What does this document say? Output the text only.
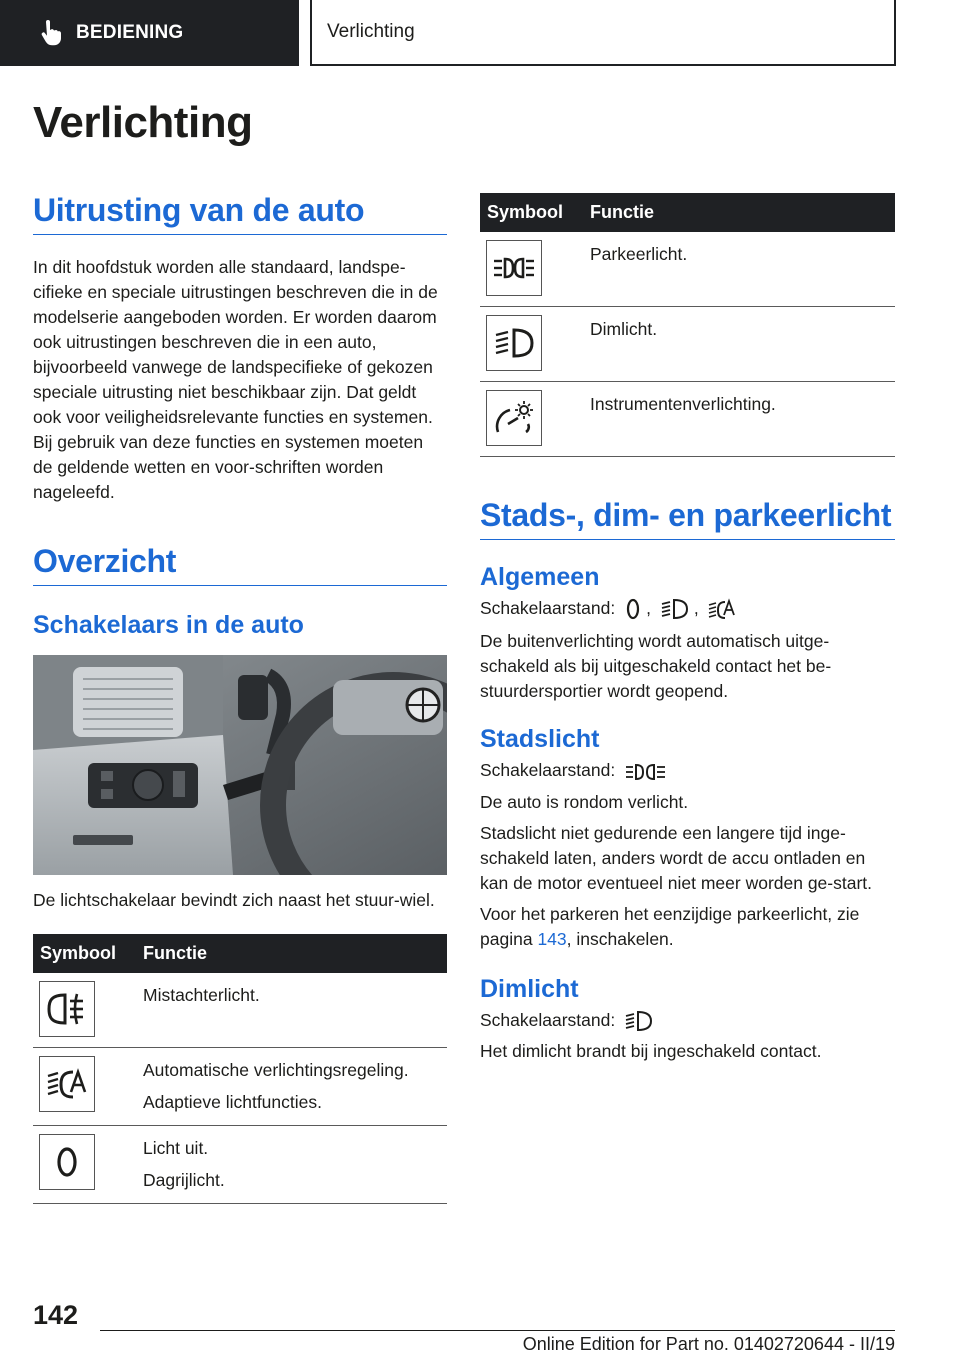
BEDIENING	Verlichting
Verlichting
Uitrusting van de auto

In dit hoofdstuk worden alle standaard, landspe-cifieke en speciale uitrustingen beschreven die in de modelserie aangeboden worden. Er worden daarom ook uitrustingen beschreven die in een auto, bijvoorbeeld vanwege de landspecifieke of gekozen speciale uitrusting niet beschikbaar zijn. Dat geldt ook voor veiligheidsrelevante functies en systemen. Bij gebruik van deze functies en systemen moeten de geldende wetten en voor-schriften worden nageleefd.

Overzicht
Schakelaars in de auto

De lichtschakelaar bevindt zich naast het stuur-wiel.

Symbool	Functie

Mistachterlicht.

Automatische verlichtingsregeling.
Adaptieve lichtfuncties.

Licht uit.
Dagrijlicht.
Symbool	Functie

Parkeerlicht.

Dimlicht.

Instrumentenverlichting.
Stads-, dim- en parkeerlicht
Algemeen

Schakelaarstand: , ,

De buitenverlichting wordt automatisch uitge-schakeld als bij uitgeschakeld contact het be-stuurdersportier wordt geopend.

Stadslicht

Schakelaarstand:

De auto is rondom verlicht.

Stadslicht niet gedurende een langere tijd inge-schakeld laten, anders wordt de accu ontladen en kan de motor eventueel niet meer worden ge-start.

Voor het parkeren het eenzijdige parkeerlicht, zie pagina 143, inschakelen.

Dimlicht

Schakelaarstand:

Het dimlicht brandt bij ingeschakeld contact.

142
Online Edition for Part no. 01402720644 - II/19
